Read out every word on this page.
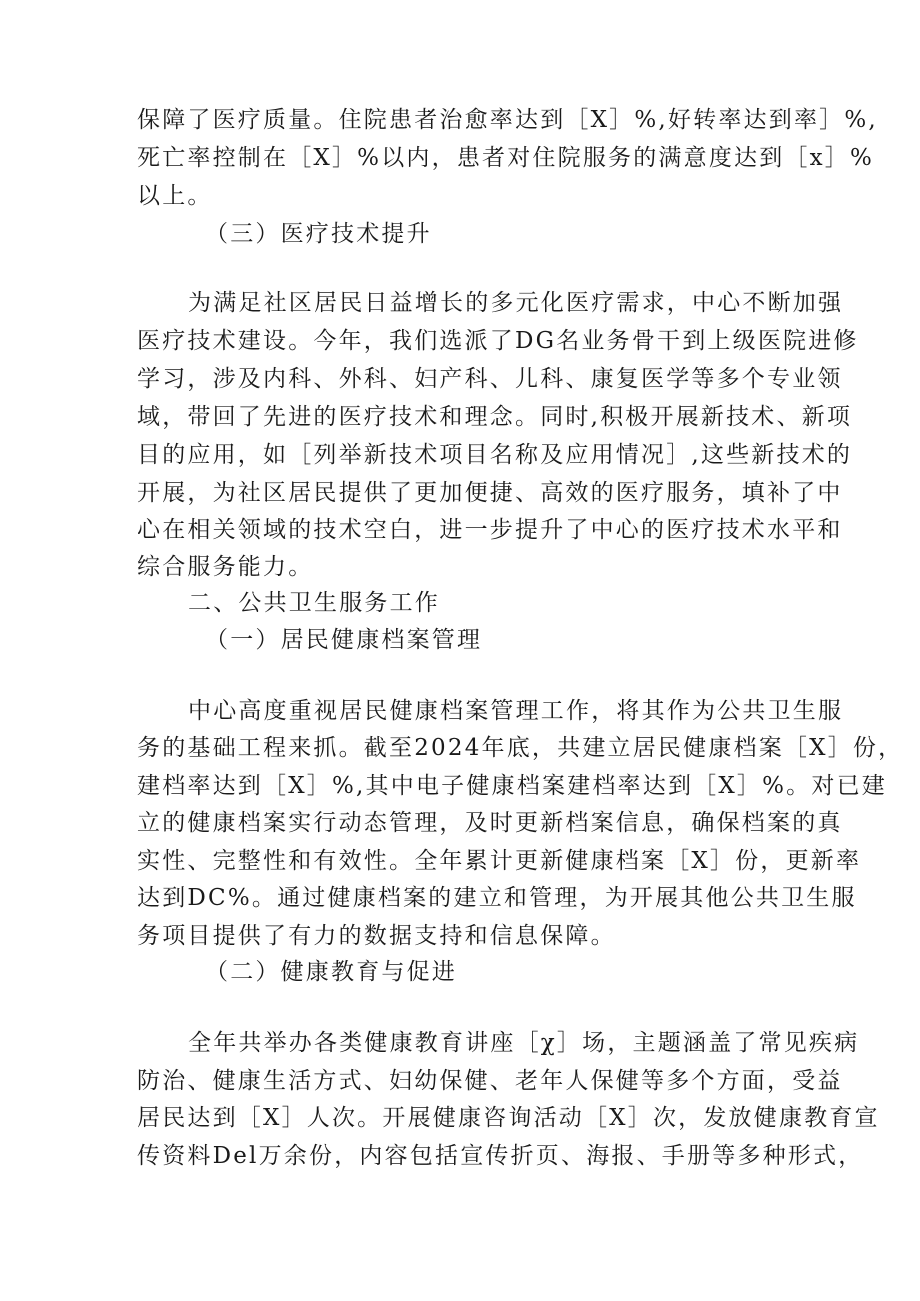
保障了医疗质量。住院患者治愈率达到［X］%,好转率达到率］%,
死亡率控制在［X］%以内，患者对住院服务的满意度达到［x］%
以上。
（三）医疗技术提升
为满足社区居民日益增长的多元化医疗需求，中心不断加强
医疗技术建设。今年，我们选派了DG名业务骨干到上级医院进修
学习，涉及内科、外科、妇产科、儿科、康复医学等多个专业领
域，带回了先进的医疗技术和理念。同时,积极开展新技术、新项
目的应用，如［列举新技术项目名称及应用情况］,这些新技术的
开展，为社区居民提供了更加便捷、高效的医疗服务，填补了中
心在相关领域的技术空白，进一步提升了中心的医疗技术水平和
综合服务能力。
二、公共卫生服务工作
（一）居民健康档案管理
中心高度重视居民健康档案管理工作，将其作为公共卫生服
务的基础工程来抓。截至2024年底，共建立居民健康档案［X］份，
建档率达到［X］%,其中电子健康档案建档率达到［X］%。对已建
立的健康档案实行动态管理，及时更新档案信息，确保档案的真
实性、完整性和有效性。全年累计更新健康档案［X］份，更新率
达到DC%。通过健康档案的建立和管理，为开展其他公共卫生服
务项目提供了有力的数据支持和信息保障。
（二）健康教育与促进
全年共举办各类健康教育讲座［χ］场，主题涵盖了常见疾病
防治、健康生活方式、妇幼保健、老年人保健等多个方面，受益
居民达到［X］人次。开展健康咨询活动［X］次，发放健康教育宣
传资料Del万余份，内容包括宣传折页、海报、手册等多种形式，
